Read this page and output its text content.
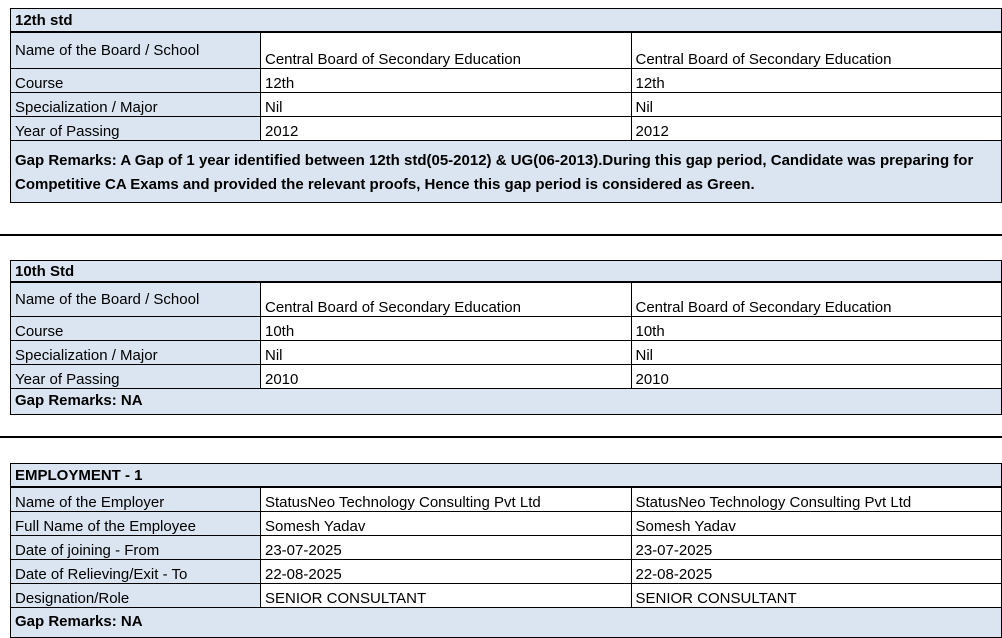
12th std
Name of the Board / School	Central Board of Secondary Education	Central Board of Secondary Education
Course	12th	12th
Specialization / Major	Nil	Nil
Year of Passing	2012	2012
Gap Remarks: A Gap of 1 year identified between 12th std(05-2012) & UG(06-2013).During this gap period, Candidate was preparing for Competitive CA Exams and provided the relevant proofs, Hence this gap period is considered as Green.
10th Std
Name of the Board / School	Central Board of Secondary Education	Central Board of Secondary Education
Course	10th	10th
Specialization / Major	Nil	Nil
Year of Passing	2010	2010
Gap Remarks: NA
EMPLOYMENT - 1
Name of the Employer	StatusNeo Technology Consulting Pvt Ltd	StatusNeo Technology Consulting Pvt Ltd
Full Name of the Employee	Somesh Yadav	Somesh Yadav
Date of joining - From	23-07-2025	23-07-2025
Date of Relieving/Exit - To	22-08-2025	22-08-2025
Designation/Role	SENIOR CONSULTANT	SENIOR CONSULTANT
Gap Remarks: NA
